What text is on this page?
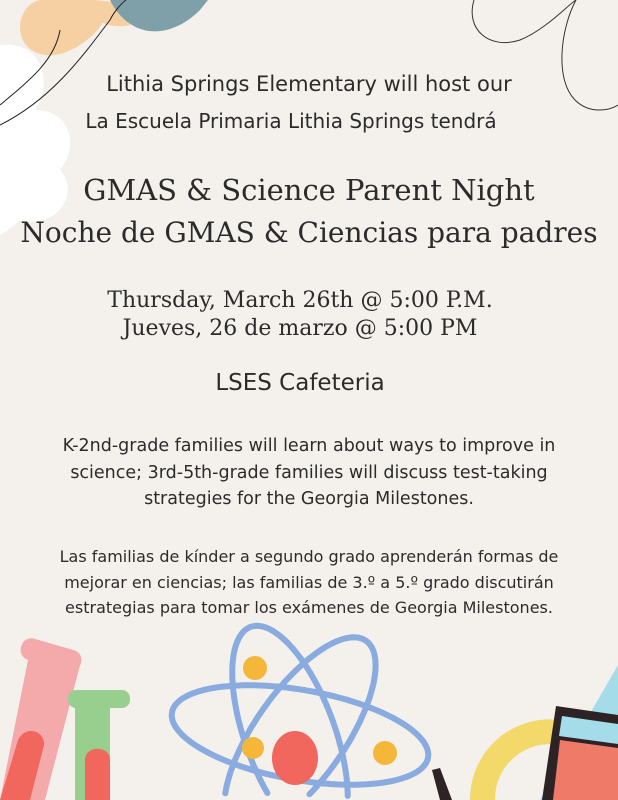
Lithia Springs Elementary will host our
La Escuela Primaria Lithia Springs tendrá
GMAS & Science Parent Night
Noche de GMAS & Ciencias para padres
Thursday, March 26th @ 5:00 P.M.
Jueves, 26 de marzo @ 5:00 PM
LSES Cafeteria
K-2nd-grade families will learn about ways to improve in
science; 3rd-5th-grade families will discuss test-taking
strategies for the Georgia Milestones.
Las familias de kínder a segundo grado aprenderán formas de
mejorar en ciencias; las familias de 3.º a 5.º grado discutirán
estrategias para tomar los exámenes de Georgia Milestones.
